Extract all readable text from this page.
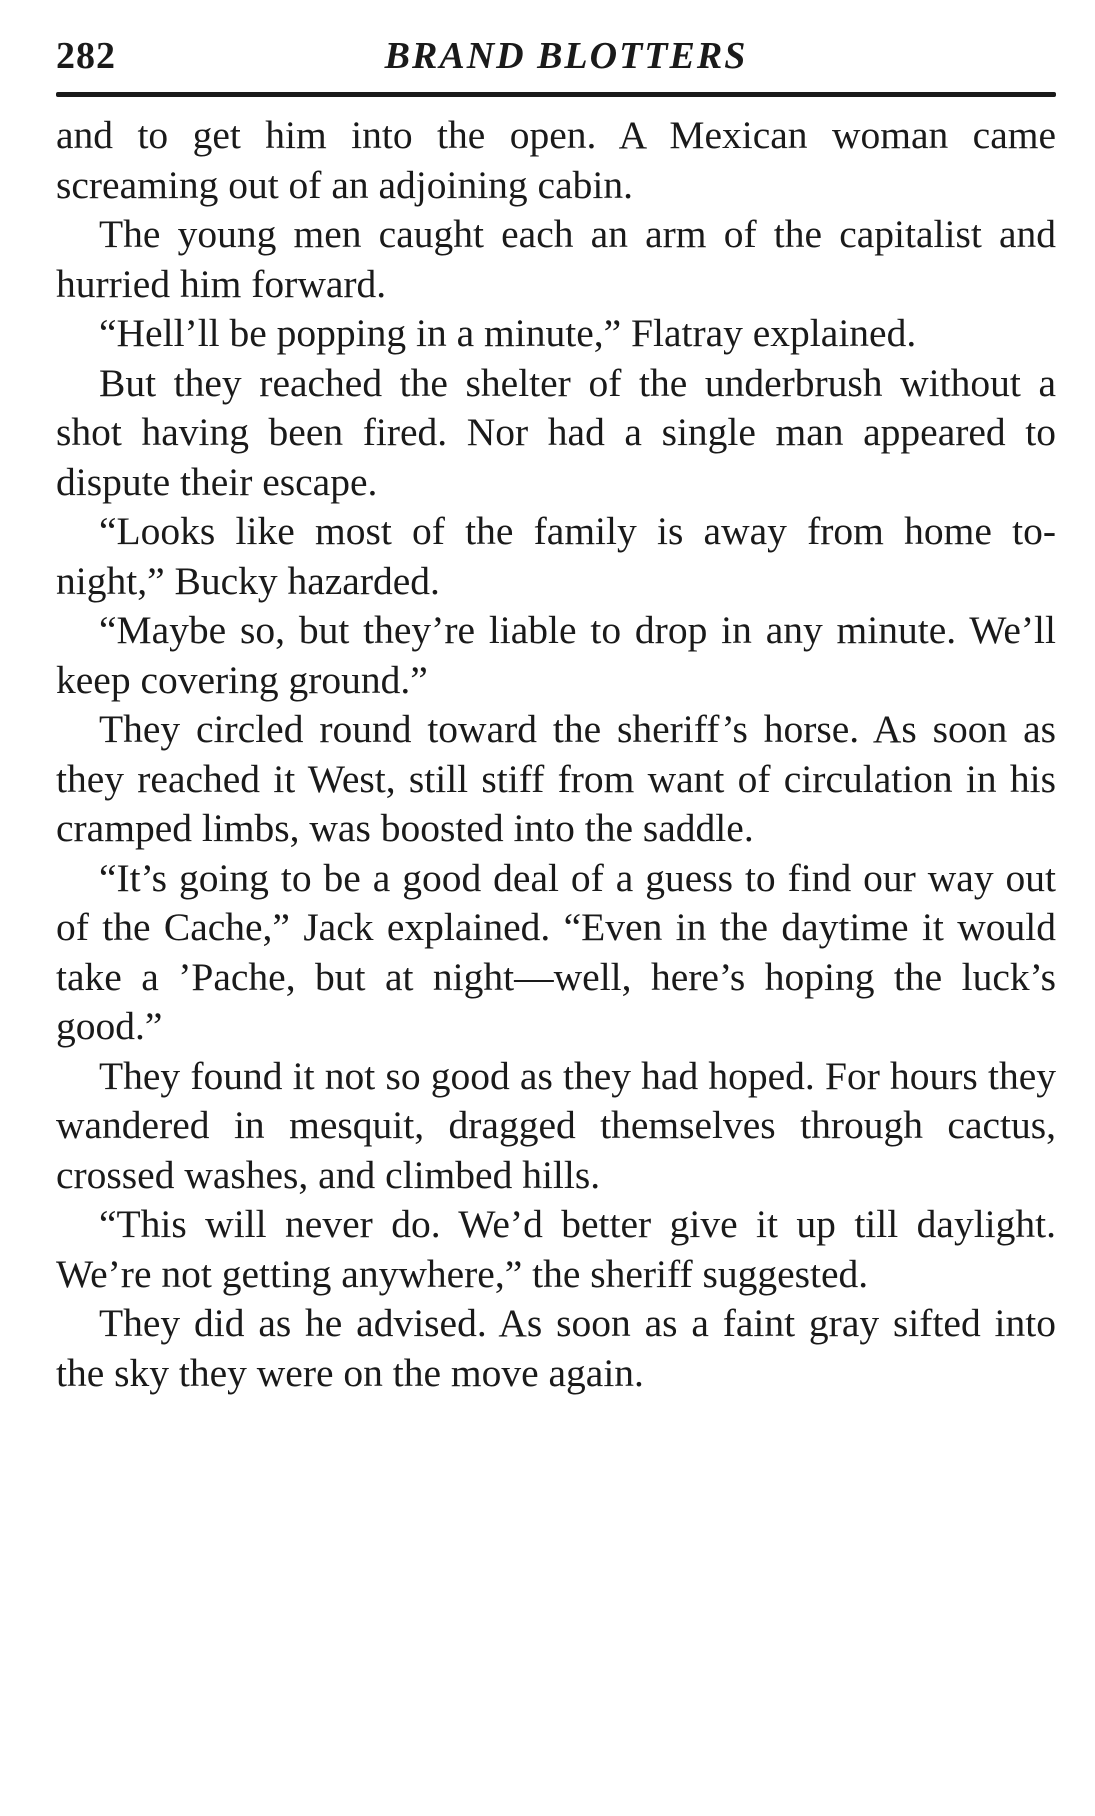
282	BRAND BLOTTERS

and to get him into the open. A Mexican woman came screaming out of an adjoining cabin.

The young men caught each an arm of the capitalist and hurried him forward.

“Hell’ll be popping in a minute,” Flatray explained.

But they reached the shelter of the underbrush without a shot having been fired. Nor had a single man appeared to dispute their escape.

“Looks like most of the family is away from home to-night,” Bucky hazarded.

“Maybe so, but they’re liable to drop in any minute. We’ll keep covering ground.”

They circled round toward the sheriff’s horse. As soon as they reached it West, still stiff from want of circulation in his cramped limbs, was boosted into the saddle.

“It’s going to be a good deal of a guess to find our way out of the Cache,” Jack explained. “Even in the daytime it would take a ’Pache, but at night—well, here’s hoping the luck’s good.”

They found it not so good as they had hoped. For hours they wandered in mesquit, dragged themselves through cactus, crossed washes, and climbed hills.

“This will never do. We’d better give it up till daylight. We’re not getting anywhere,” the sheriff suggested.

They did as he advised. As soon as a faint gray sifted into the sky they were on the move again.
